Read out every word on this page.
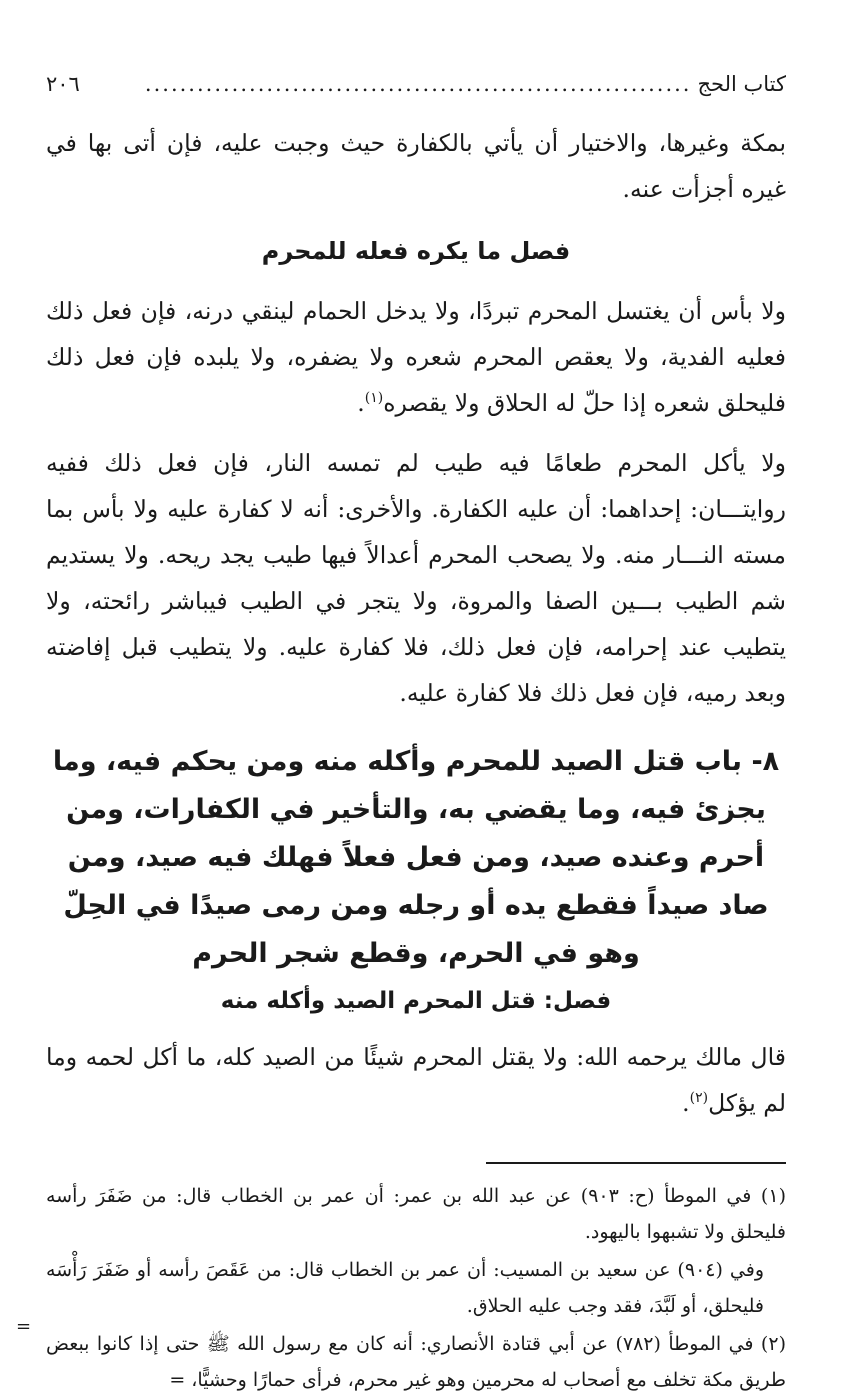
كتاب الحج
...............................................................
٢٠٦

بمكة وغيرها، والاختيار أن يأتي بالكفارة حيث وجبت عليه، فإن أتى بها في غيره أجزأت عنه.

فصل ما يكره فعله للمحرم

ولا بأس أن يغتسل المحرم تبردًا، ولا يدخل الحمام لينقي درنه، فإن فعل ذلك فعليه الفدية، ولا يعقص المحرم شعره ولا يضفره، ولا يلبده فإن فعل ذلك فليحلق شعره إذا حلّ له الحلاق ولا يقصره$^{(١)}$.

ولا يأكل المحرم طعامًا فيه طيب لم تمسه النار، فإن فعل ذلك ففيه روايتـــان: إحداهما: أن عليه الكفارة. والأخرى: أنه لا كفارة عليه ولا بأس بما مسته النـــار منه. ولا يصحب المحرم أعدالاً فيها طيب يجد ريحه. ولا يستديم شم الطيب بـــين الصفا والمروة، ولا يتجر في الطيب فيباشر رائحته، ولا يتطيب عند إحرامه، فإن فعل ذلك، فلا كفارة عليه. ولا يتطيب قبل إفاضته وبعد رميه، فإن فعل ذلك فلا كفارة عليه.

٨- باب قتل الصيد للمحرم وأكله منه ومن يحكم فيه، وما يجزئ فيه، وما يقضي به، والتأخير في الكفارات، ومن أحرم وعنده صيد، ومن فعل فعلاً فهلك فيه صيد، ومن صاد صيداً فقطع يده أو رجله ومن رمى صيدًا في الحِلّ وهو في الحرم، وقطع شجر الحرم
فصل: قتل المحرم الصيد وأكله منه

قال مالك يرحمه الله: ولا يقتل المحرم شيئًا من الصيد كله، ما أكل لحمه وما لم يؤكل$^{(٢)}$.

(١) في الموطأ (ح: ٩٠٣) عن عبد الله بن عمر: أن عمر بن الخطاب قال: من ضَفَرَ رأسه فليحلق ولا تشبهوا باليهود.

وفي (٩٠٤) عن سعيد بن المسيب: أن عمر بن الخطاب قال: من عَقَصَ رأسه أو ضَفَرَ رَأْسَه فليحلق، أو لَبَّدَ، فقد وجب عليه الحلاق.

(٢) في الموطأ (٧٨٢) عن أبي قتادة الأنصاري: أنه كان مع رسول الله ﷺ حتى إذا كانوا ببعض طريق مكة تخلف مع أصحاب له محرمين وهو غير محرم، فرأى حمارًا وحشيًّا، =

=
